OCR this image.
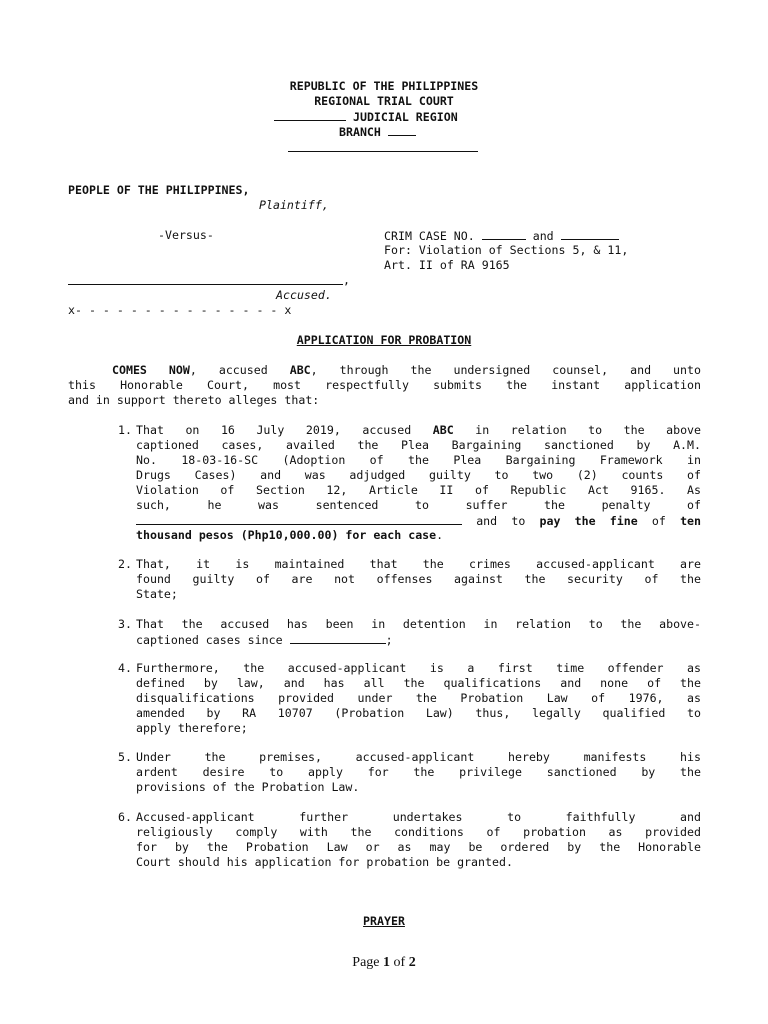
REPUBLIC OF THE PHILIPPINES
REGIONAL TRIAL COURT
JUDICIAL REGION
BRANCH
PEOPLE OF THE PHILIPPINES,
Plaintiff,
-Versus-	CRIM CASE NO.	and
For: Violation of Sections 5, & 11,
Art. II of RA 9165
,
Accused.
x- - - - - - - - - - - - - - - x
APPLICATION FOR PROBATION
COMES NOW, accused ABC, through the undersigned counsel, and unto
this Honorable Court, most respectfully submits the instant application
and in support thereto alleges that:
1. That on 16 July 2019, accused ABC in relation to the above
captioned cases, availed the Plea Bargaining sanctioned by A.M.
No. 18-03-16-SC (Adoption of the Plea Bargaining Framework in
Drugs Cases) and was adjudged guilty to two (2) counts of
Violation of Section 12, Article II of Republic Act 9165. As
such, he was sentenced to suffer the penalty of
and to pay the fine of ten
thousand pesos (Php10,000.00) for each case.
2. That, it is maintained that the crimes accused-applicant are
found guilty of are not offenses against the security of the
State;
3. That the accused has been in detention in relation to the above-
captioned cases since	;
4. Furthermore, the accused-applicant is a first time offender as
defined by law, and has all the qualifications and none of the
disqualifications provided under the Probation Law of 1976, as
amended by RA 10707 (Probation Law) thus, legally qualified to
apply therefore;
5. Under the premises, accused-applicant hereby manifests his
ardent desire to apply for the privilege sanctioned by the
provisions of the Probation Law.
6. Accused-applicant further undertakes to faithfully and
religiously comply with the conditions of probation as provided
for by the Probation Law or as may be ordered by the Honorable
Court should his application for probation be granted.
PRAYER
Page 1 of 2
